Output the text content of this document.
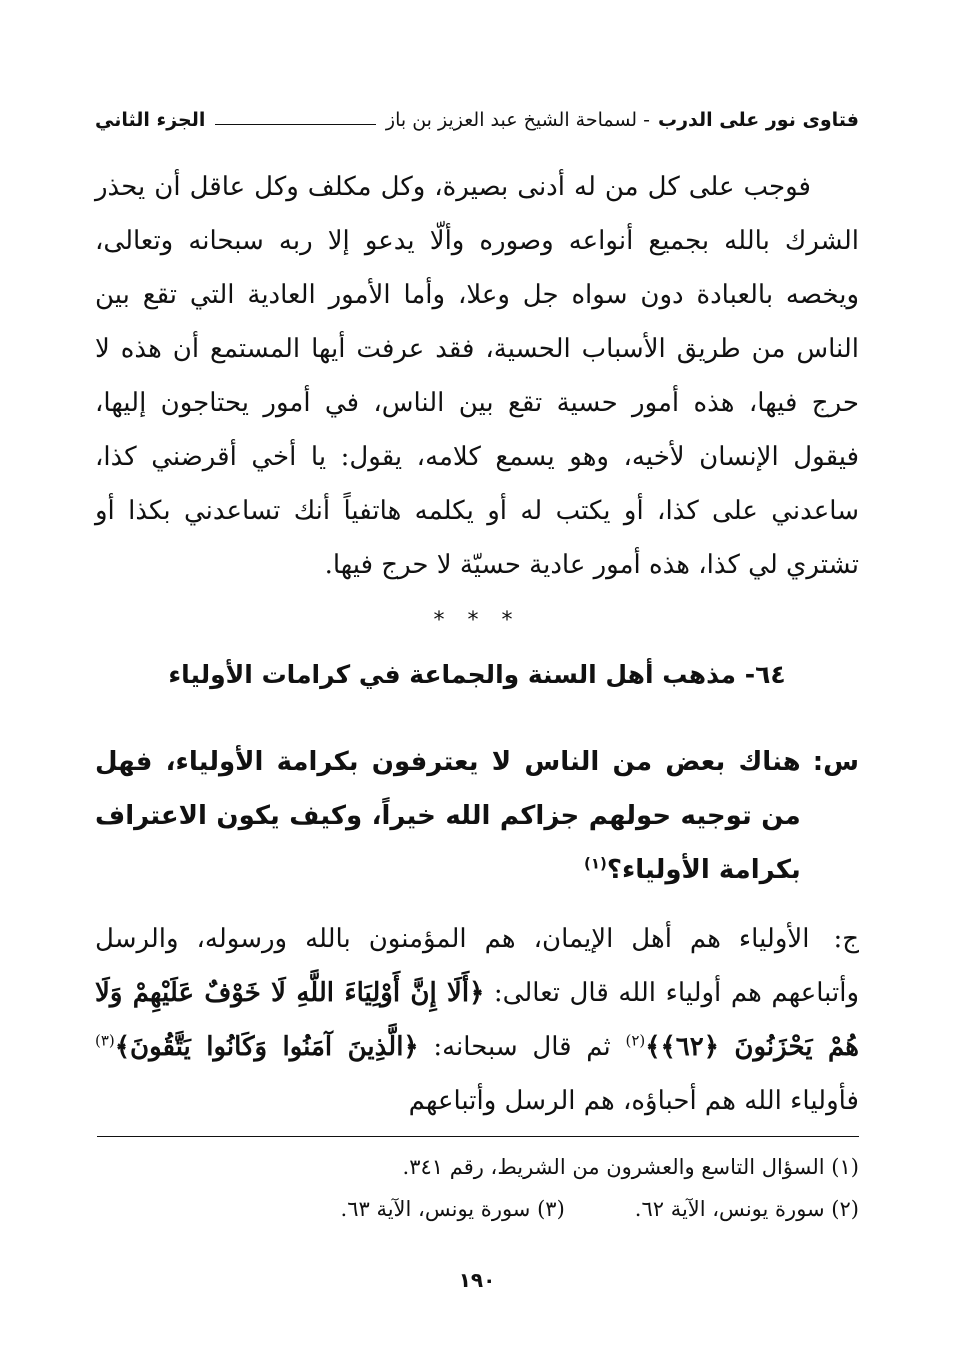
فتاوى نور على الدرب
- لسماحة الشيخ عبد العزيز بن باز
الجزء الثاني

فوجب على كل من له أدنى بصيرة، وكل مكلف وكل عاقل أن يحذر الشرك بالله بجميع أنواعه وصوره وألّا يدعو إلا ربه سبحانه وتعالى، ويخصه بالعبادة دون سواه جل وعلا، وأما الأمور العادية التي تقع بين الناس من طريق الأسباب الحسية، فقد عرفت أيها المستمع أن هذه لا حرج فيها، هذه أمور حسية تقع بين الناس، في أمور يحتاجون إليها، فيقول الإنسان لأخيه، وهو يسمع كلامه، يقول: يا أخي أقرضني كذا، ساعدني على كذا، أو يكتب له أو يكلمه هاتفياً أنك تساعدني بكذا أو تشتري لي كذا، هذه أمور عادية حسيّة لا حرج فيها.

* * *
٦٤- مذهب أهل السنة والجماعة في كرامات الأولياء
س:
هناك بعض من الناس لا يعترفون بكرامة الأولياء، فهل من توجيه حولهم جزاكم الله خيراً، وكيف يكون الاعتراف بكرامة الأولياء؟$^{(١)}$
ج: الأولياء هم أهل الإيمان، هم المؤمنون بالله ورسوله، والرسل وأتباعهم هم أولياء الله قال تعالى: ﴿أَلَا إِنَّ أَوْلِيَاءَ اللَّهِ لَا خَوْفٌ عَلَيْهِمْ وَلَا هُمْ يَحْزَنُونَ ﴿٦٢﴾﴾$^{(٢)}$ ثم قال سبحانه: ﴿الَّذِينَ آمَنُوا وَكَانُوا يَتَّقُونَ﴾$^{(٣)}$ فأولياء الله هم أحباؤه، هم الرسل وأتباعهم
(١) السؤال التاسع والعشرون من الشريط، رقم ٣٤١.
(٢) سورة يونس، الآية ٦٢.
(٣) سورة يونس، الآية ٦٣.
١٩٠
